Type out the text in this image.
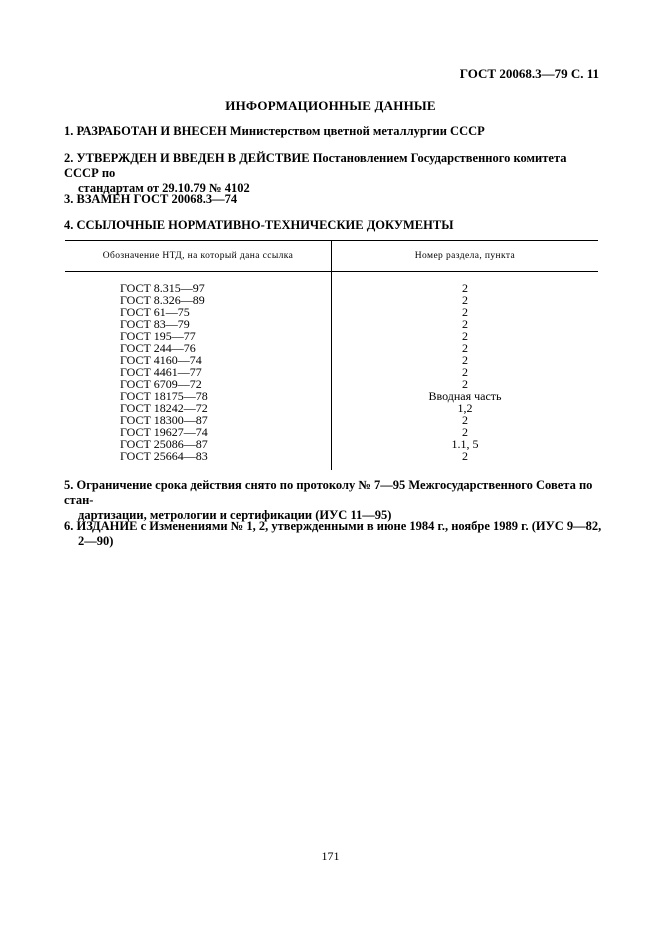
ГОСТ 20068.3—79 С. 11
ИНФОРМАЦИОННЫЕ ДАННЫЕ
1. РАЗРАБОТАН И ВНЕСЕН Министерством цветной металлургии СССР
2. УТВЕРЖДЕН И ВВЕДЕН В ДЕЙСТВИЕ Постановлением Государственного комитета СССР по
стандартам от 29.10.79 № 4102
3. ВЗАМЕН ГОСТ 20068.3—74
4. ССЫЛОЧНЫЕ НОРМАТИВНО-ТЕХНИЧЕСКИЕ ДОКУМЕНТЫ
Обозначение НТД, на который дана ссылка	Номер раздела, пункта

ГОСТ 8.315—97	2
ГОСТ 8.326—89	2
ГОСТ 61—75	2
ГОСТ 83—79	2
ГОСТ 195—77	2
ГОСТ 244—76	2
ГОСТ 4160—74	2
ГОСТ 4461—77	2
ГОСТ 6709—72	2
ГОСТ 18175—78	Вводная часть
ГОСТ 18242—72	1,2
ГОСТ 18300—87	2
ГОСТ 19627—74	2
ГОСТ 25086—87	1.1, 5
ГОСТ 25664—83	2

5. Ограничение срока действия снято по протоколу № 7—95 Межгосударственного Совета по стан-
дартизации, метрологии и сертификации (ИУС 11—95)
6. ИЗДАНИЕ с Изменениями № 1, 2, утвержденными в июне 1984 г., ноябре 1989 г. (ИУС 9—82,
2—90)
171
